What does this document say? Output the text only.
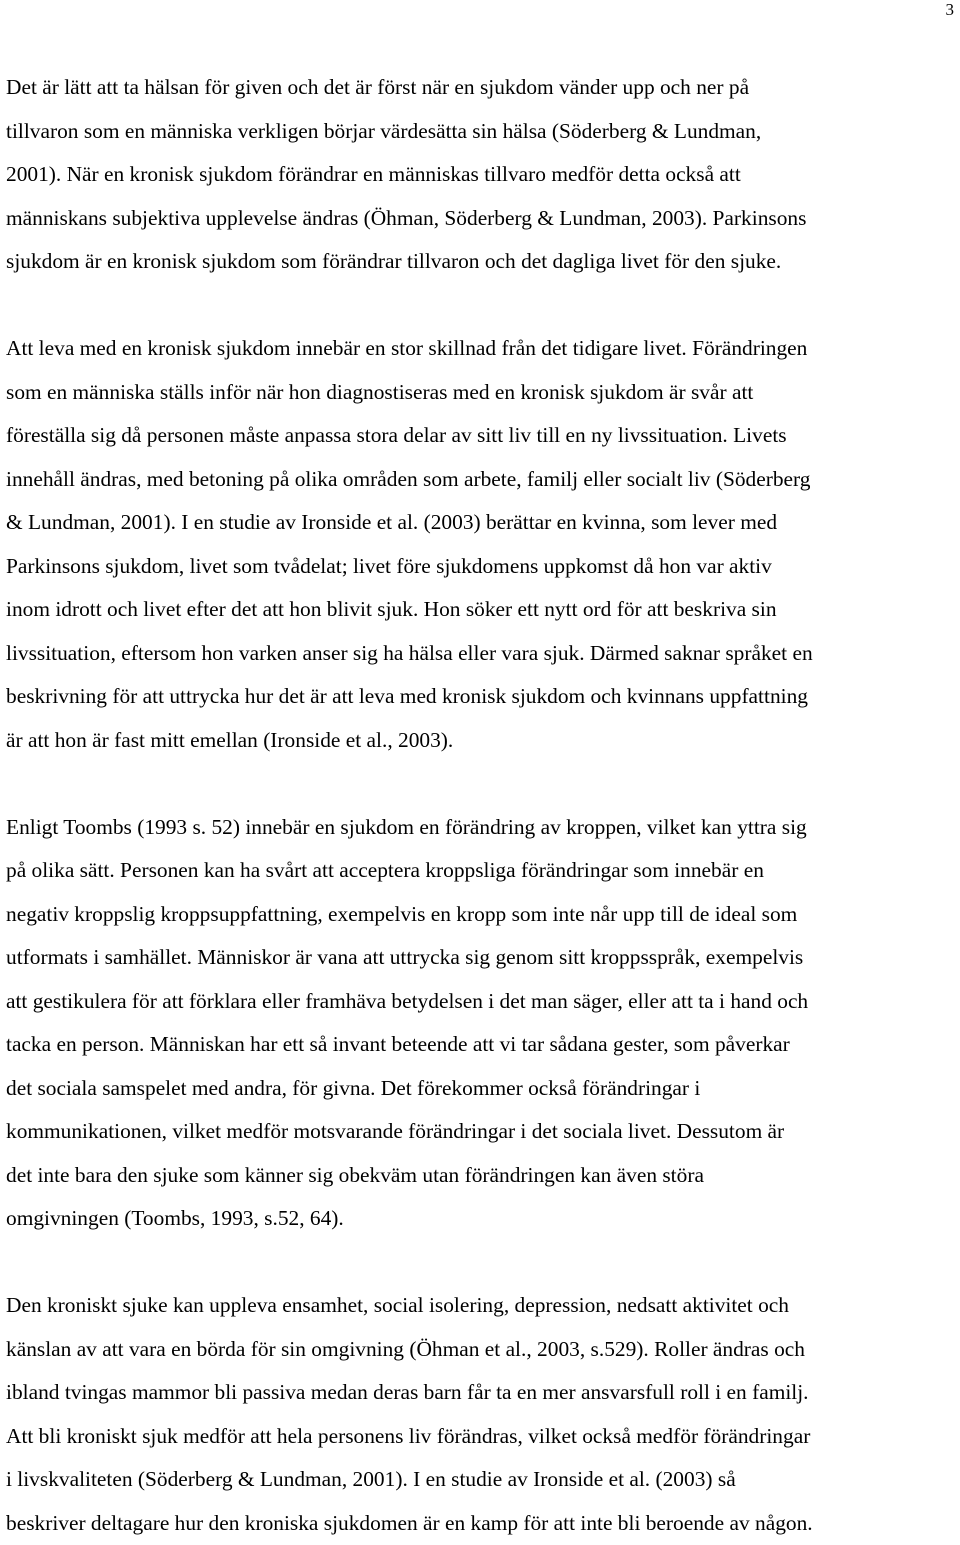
3

Det är lätt att ta hälsan för given och det är först när en sjukdom vänder upp och ner på
tillvaron som en människa verkligen börjar värdesätta sin hälsa (Söderberg & Lundman,
2001). När en kronisk sjukdom förändrar en människas tillvaro medför detta också att
människans subjektiva upplevelse ändras (Öhman, Söderberg & Lundman, 2003). Parkinsons
sjukdom är en kronisk sjukdom som förändrar tillvaron och det dagliga livet för den sjuke.

Att leva med en kronisk sjukdom innebär en stor skillnad från det tidigare livet. Förändringen
som en människa ställs inför när hon diagnostiseras med en kronisk sjukdom är svår att
föreställa sig då personen måste anpassa stora delar av sitt liv till en ny livssituation. Livets
innehåll ändras, med betoning på olika områden som arbete, familj eller socialt liv (Söderberg
& Lundman, 2001). I en studie av Ironside et al. (2003) berättar en kvinna, som lever med
Parkinsons sjukdom, livet som tvådelat; livet före sjukdomens uppkomst då hon var aktiv
inom idrott och livet efter det att hon blivit sjuk. Hon söker ett nytt ord för att beskriva sin
livssituation, eftersom hon varken anser sig ha hälsa eller vara sjuk. Därmed saknar språket en
beskrivning för att uttrycka hur det är att leva med kronisk sjukdom och kvinnans uppfattning
är att hon är fast mitt emellan (Ironside et al., 2003).

Enligt Toombs (1993 s. 52) innebär en sjukdom en förändring av kroppen, vilket kan yttra sig
på olika sätt. Personen kan ha svårt att acceptera kroppsliga förändringar som innebär en
negativ kroppslig kroppsuppfattning, exempelvis en kropp som inte når upp till de ideal som
utformats i samhället. Människor är vana att uttrycka sig genom sitt kroppsspråk, exempelvis
att gestikulera för att förklara eller framhäva betydelsen i det man säger, eller att ta i hand och
tacka en person. Människan har ett så invant beteende att vi tar sådana gester, som påverkar
det sociala samspelet med andra, för givna. Det förekommer också förändringar i
kommunikationen, vilket medför motsvarande förändringar i det sociala livet. Dessutom är
det inte bara den sjuke som känner sig obekväm utan förändringen kan även störa
omgivningen (Toombs, 1993, s.52, 64).

Den kroniskt sjuke kan uppleva ensamhet, social isolering, depression, nedsatt aktivitet och
känslan av att vara en börda för sin omgivning (Öhman et al., 2003, s.529). Roller ändras och
ibland tvingas mammor bli passiva medan deras barn får ta en mer ansvarsfull roll i en familj.
Att bli kroniskt sjuk medför att hela personens liv förändras, vilket också medför förändringar
i livskvaliteten (Söderberg & Lundman, 2001). I en studie av Ironside et al. (2003) så
beskriver deltagare hur den kroniska sjukdomen är en kamp för att inte bli beroende av någon.
